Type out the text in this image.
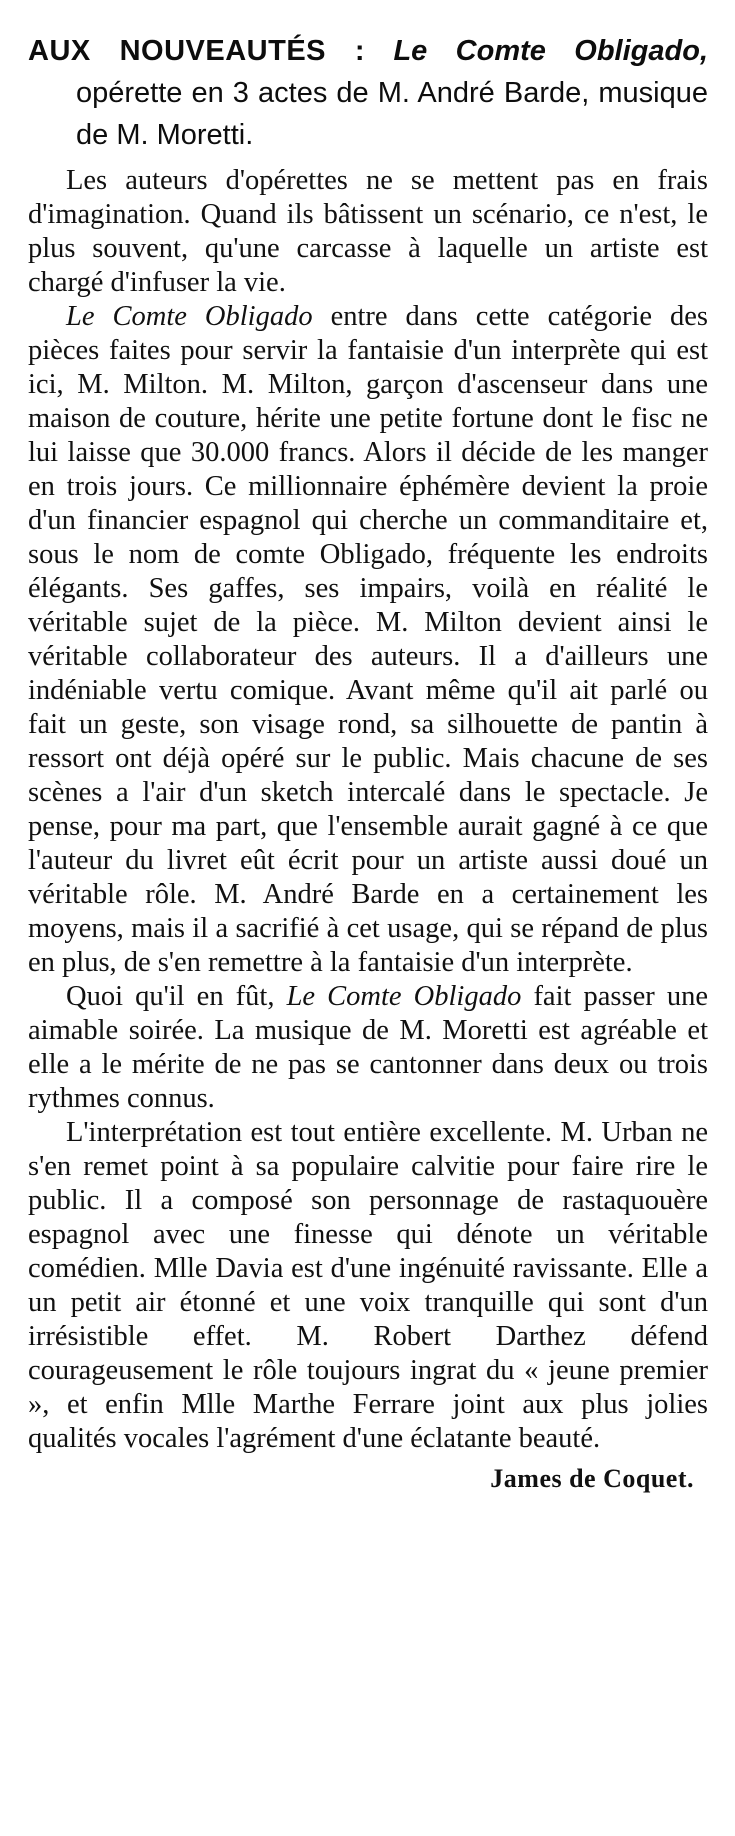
AUX NOUVEAUTÉS : Le Comte Obligado, opérette en 3 actes de M. André Barde, musique de M. Moretti.

Les auteurs d'opérettes ne se mettent pas en frais d'imagination. Quand ils bâtissent un scénario, ce n'est, le plus souvent, qu'une carcasse à laquelle un artiste est chargé d'infuser la vie.

Le Comte Obligado entre dans cette catégorie des pièces faites pour servir la fantaisie d'un interprète qui est ici, M. Milton. M. Milton, garçon d'ascenseur dans une maison de couture, hérite une petite fortune dont le fisc ne lui laisse que 30.000 francs. Alors il décide de les manger en trois jours. Ce millionnaire éphémère devient la proie d'un financier espagnol qui cherche un commanditaire et, sous le nom de comte Obligado, fréquente les endroits élégants. Ses gaffes, ses impairs, voilà en réalité le véritable sujet de la pièce. M. Milton devient ainsi le véritable collaborateur des auteurs. Il a d'ailleurs une indéniable vertu comique. Avant même qu'il ait parlé ou fait un geste, son visage rond, sa silhouette de pantin à ressort ont déjà opéré sur le public. Mais chacune de ses scènes a l'air d'un sketch intercalé dans le spectacle. Je pense, pour ma part, que l'ensemble aurait gagné à ce que l'auteur du livret eût écrit pour un artiste aussi doué un véritable rôle. M. André Barde en a certainement les moyens, mais il a sacrifié à cet usage, qui se répand de plus en plus, de s'en remettre à la fantaisie d'un interprète.

Quoi qu'il en fût, Le Comte Obligado fait passer une aimable soirée. La musique de M. Moretti est agréable et elle a le mérite de ne pas se cantonner dans deux ou trois rythmes connus.

L'interprétation est tout entière excellente. M. Urban ne s'en remet point à sa populaire calvitie pour faire rire le public. Il a composé son personnage de rastaquouère espagnol avec une finesse qui dénote un véritable comédien. Mlle Davia est d'une ingénuité ravissante. Elle a un petit air étonné et une voix tranquille qui sont d'un irrésistible effet. M. Robert Darthez défend courageusement le rôle toujours ingrat du « jeune premier », et enfin Mlle Marthe Ferrare joint aux plus jolies qualités vocales l'agrément d'une éclatante beauté.

James de Coquet.
